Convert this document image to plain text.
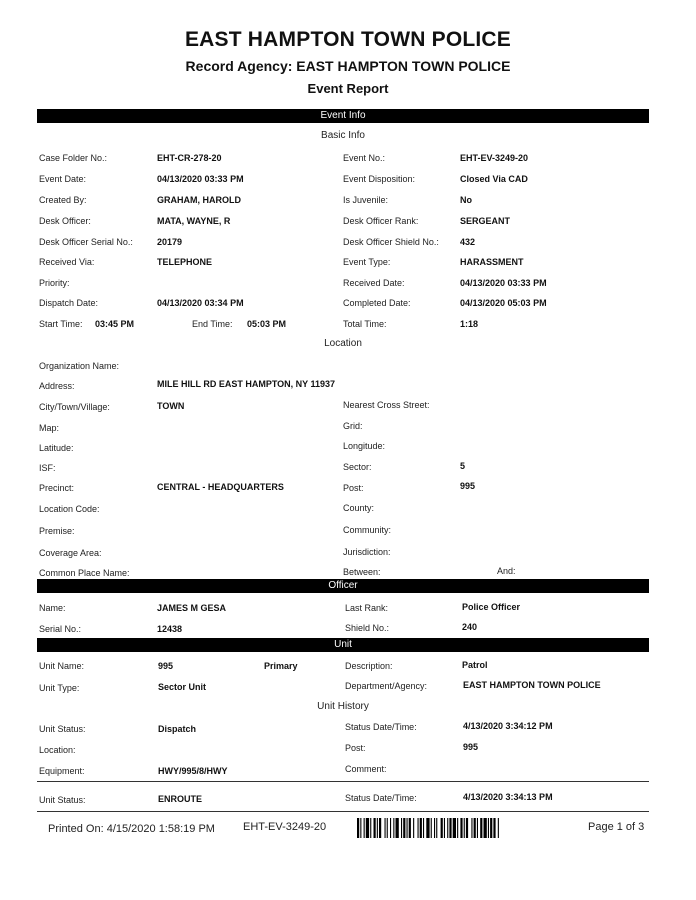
EAST HAMPTON TOWN POLICE
Record Agency: EAST HAMPTON TOWN POLICE
Event Report
Event Info
Basic Info
Case Folder No.:	EHT-CR-278-20	Event No.:	EHT-EV-3249-20
Event Date:	04/13/2020 03:33 PM	Event Disposition:	Closed Via CAD
Created By:	GRAHAM, HAROLD	Is Juvenile:	No
Desk Officer:	MATA, WAYNE, R	Desk Officer Rank:	SERGEANT
Desk Officer Serial No.:	20179	Desk Officer Shield No.: 432
Received Via:	TELEPHONE	Event Type:	HARASSMENT
Priority:	Received Date:	04/13/2020 03:33 PM
Dispatch Date:	04/13/2020 03:34 PM	Completed Date:	04/13/2020 05:03 PM
Start Time: 03:45 PM	End Time: 05:03 PM	Total Time:	1:18
Location
Organization Name:
Address:	MILE HILL RD EAST HAMPTON, NY 11937
City/Town/Village:	TOWN	Nearest Cross Street:
Map:	Grid:
Latitude:	Longitude:
ISF:	Sector:	5
Precinct:	CENTRAL - HEADQUARTERS	Post:	995
Location Code:	County:
Premise:	Community:
Coverage Area:	Jurisdiction:
Common Place Name:	Between:	And:
Officer
Name:	JAMES M GESA	Last Rank:	Police Officer
Serial No.:	12438	Shield No.:	240
Unit
Unit Name:	995	Primary	Description:	Patrol
Unit Type:	Sector Unit	Department/Agency:	EAST HAMPTON TOWN POLICE
Unit History
Unit Status:	Dispatch	Status Date/Time:	4/13/2020 3:34:12 PM
Location:	Post:	995
Equipment:	HWY/995/8/HWY	Comment:
Unit Status:	ENROUTE	Status Date/Time:	4/13/2020 3:34:13 PM
Printed On: 4/15/2020 1:58:19 PM	EHT-EV-3249-20	Page 1 of 3
